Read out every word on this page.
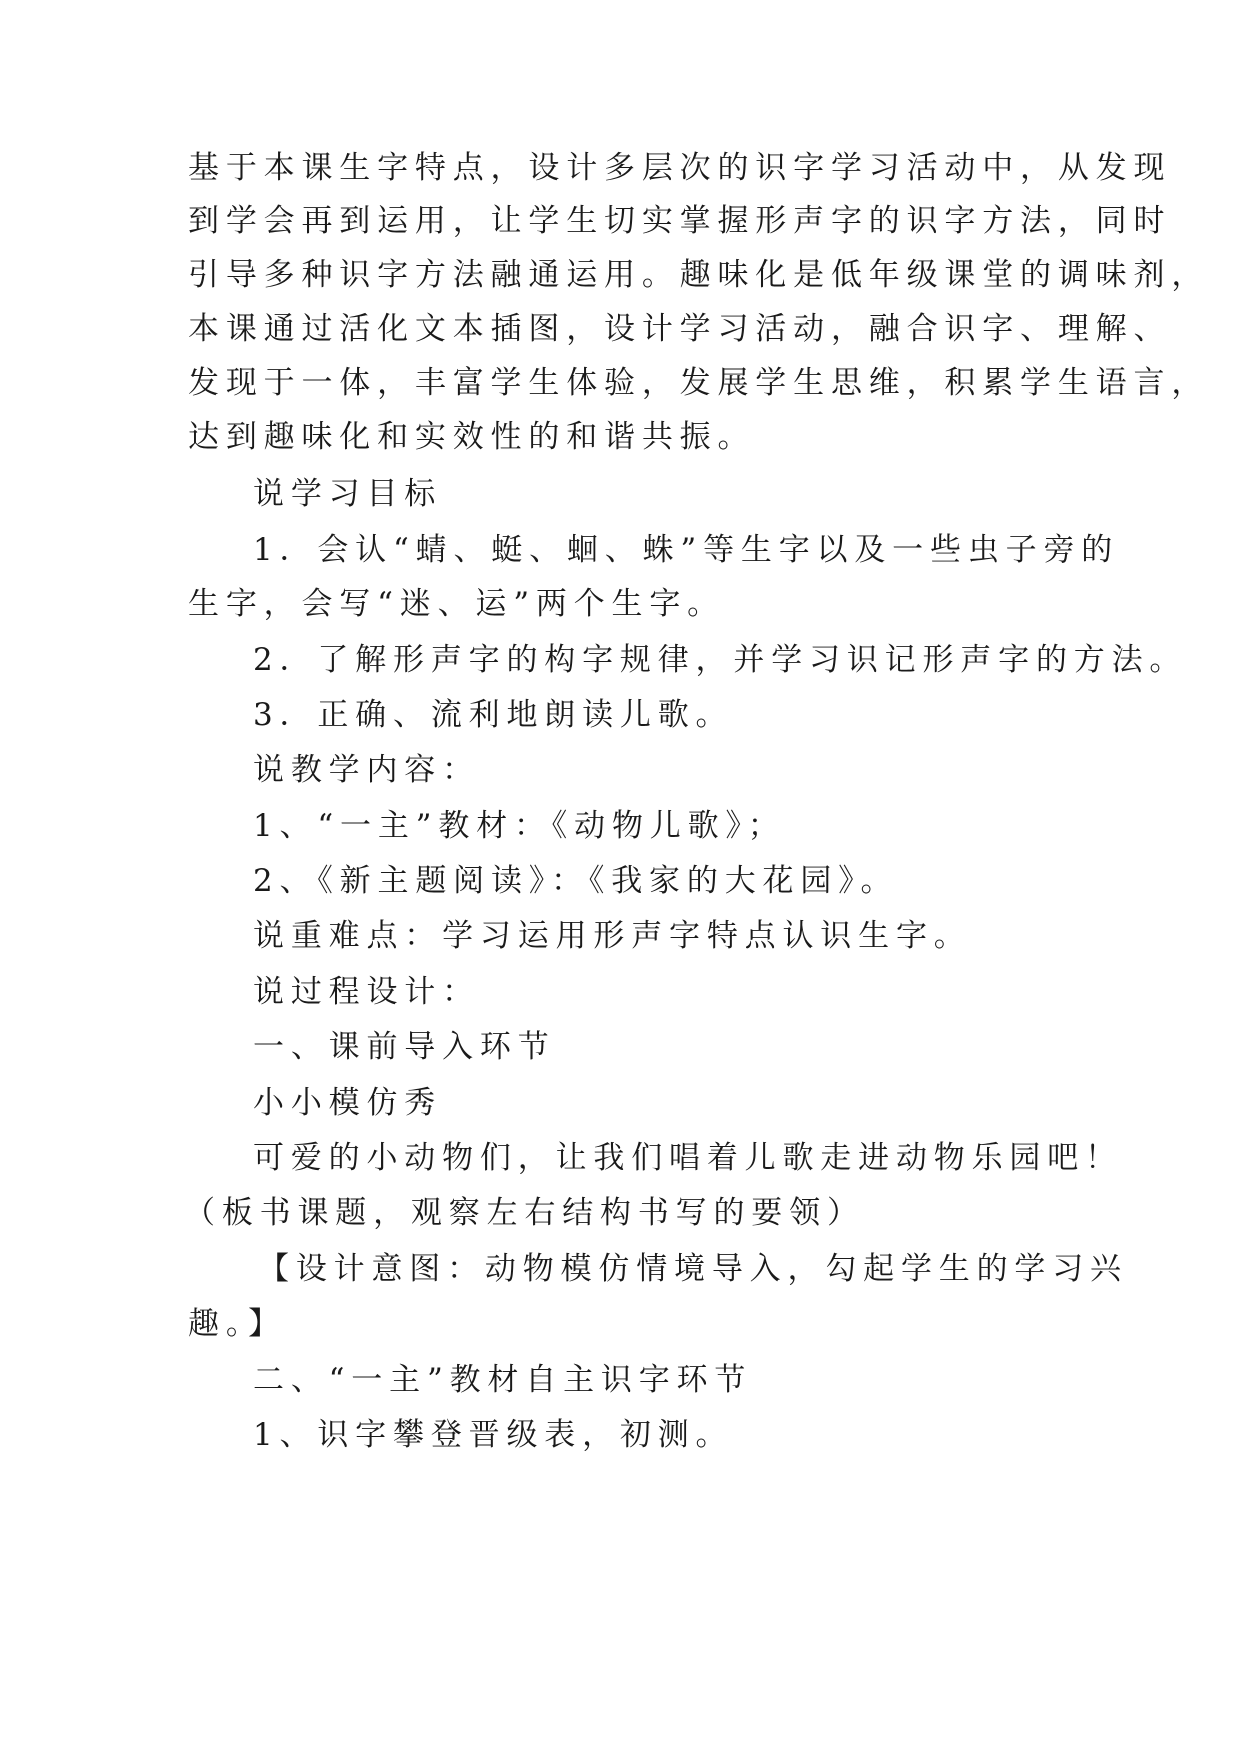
基于本课生字特点，设计多层次的识字学习活动中，从发现
到学会再到运用，让学生切实掌握形声字的识字方法，同时
引导多种识字方法融通运用。趣味化是低年级课堂的调味剂，
本课通过活化文本插图，设计学习活动，融合识字、理解、
发现于一体，丰富学生体验，发展学生思维，积累学生语言，
达到趣味化和实效性的和谐共振。
说学习目标
1．会认“蜻、蜓、蛔、蛛”等生字以及一些虫子旁的
生字，会写“迷、运”两个生字。
2．了解形声字的构字规律，并学习识记形声字的方法。
3．正确、流利地朗读儿歌。
说教学内容：
1、“一主”教材：《动物儿歌》；
2、《新主题阅读》：《我家的大花园》。
说重难点：学习运用形声字特点认识生字。
说过程设计：
一、课前导入环节
小小模仿秀
可爱的小动物们，让我们唱着儿歌走进动物乐园吧！
（板书课题，观察左右结构书写的要领）
【设计意图：动物模仿情境导入，勾起学生的学习兴
趣。】
二、“一主”教材自主识字环节
1、识字攀登晋级表，初测。
